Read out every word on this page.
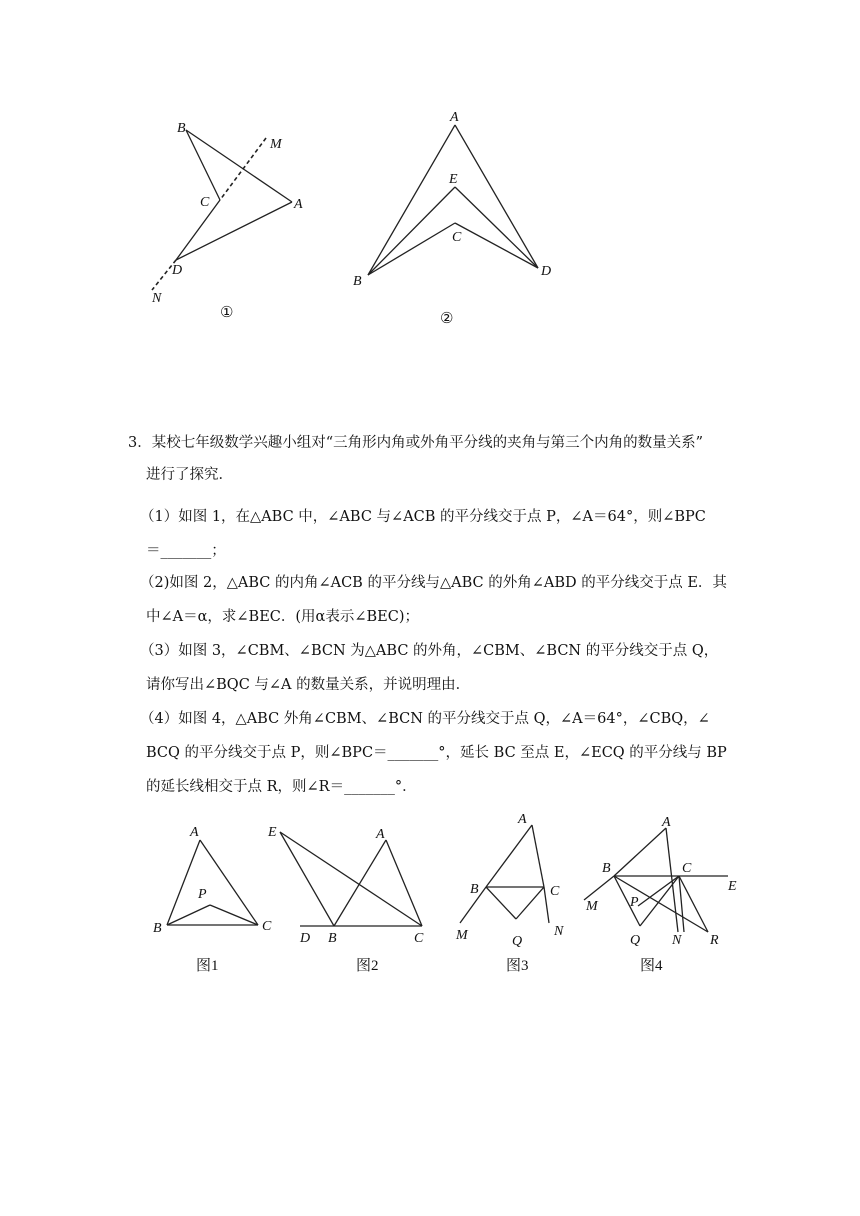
B
M
C	A
D
N
①
A
E
C
B
D
②
3．某校七年级数学兴趣小组对“三角形内角或外角平分线的夹角与第三个内角的数量关系”
进行了探究．
（1）如图 1，在△ABC 中，∠ABC 与∠ACB 的平分线交于点 P，∠A＝64°，则∠BPC
＝_______；
（2)如图 2，△ABC 的内角∠ACB 的平分线与△ABC 的外角∠ABD 的平分线交于点 E．其
中∠A＝α，求∠BEC．(用α表示∠BEC)；
（3）如图 3，∠CBM、∠BCN 为△ABC 的外角，∠CBM、∠BCN 的平分线交于点 Q，
请你写出∠BQC 与∠A 的数量关系，并说明理由．
（4）如图 4，△ABC 外角∠CBM、∠BCN 的平分线交于点 Q，∠A＝64°，∠CBQ，∠
BCQ 的平分线交于点 P，则∠BPC＝_______°，延长 BC 至点 E，∠ECQ 的平分线与 BP
的延长线相交于点 R，则∠R＝_______°．
A
P
B	C
图1
E	A
D B	C
图2
A
B	C
M	Q
N
图3
A
B	C
E
M P
Q N R
图4
